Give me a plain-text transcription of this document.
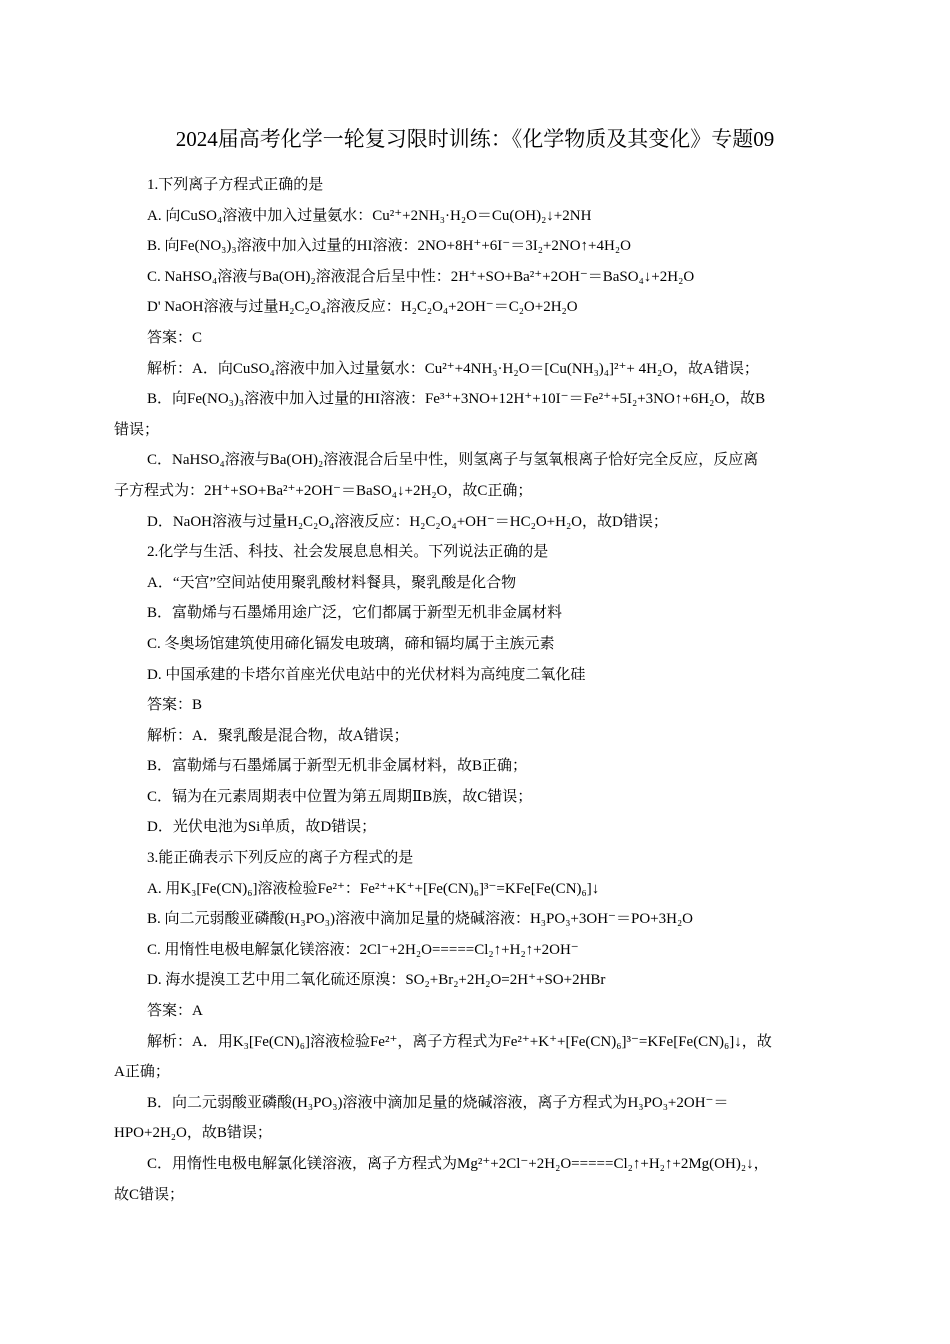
2024届高考化学一轮复习限时训练：《化学物质及其变化》专题09
1.下列离子方程式正确的是
A. 向CuSO₄溶液中加入过量氨水：Cu²⁺+2NH₃·H₂O＝Cu(OH)₂↓+2NH
B. 向Fe(NO₃)₃溶液中加入过量的HI溶液：2NO+8H⁺+6I⁻＝3I₂+2NO↑+4H₂O
C. NaHSO₄溶液与Ba(OH)₂溶液混合后呈中性：2H⁺+SO+Ba²⁺+2OH⁻＝BaSO₄↓+2H₂O
D' NaOH溶液与过量H₂C₂O₄溶液反应：H₂C₂O₄+2OH⁻＝C₂O+2H₂O
答案：C
解析：A．向CuSO₄溶液中加入过量氨水：Cu²⁺+4NH₃·H₂O＝[Cu(NH₃)₄]²⁺+ 4H₂O，故A错误；
B．向Fe(NO₃)₃溶液中加入过量的HI溶液：Fe³⁺+3NO+12H⁺+10I⁻＝Fe²⁺+5I₂+3NO↑+6H₂O，故B
错误；
C．NaHSO₄溶液与Ba(OH)₂溶液混合后呈中性，则氢离子与氢氧根离子恰好完全反应，反应离
子方程式为：2H⁺+SO+Ba²⁺+2OH⁻＝BaSO₄↓+2H₂O，故C正确；
D．NaOH溶液与过量H₂C₂O₄溶液反应：H₂C₂O₄+OH⁻＝HC₂O+H₂O，故D错误；
2.化学与生活、科技、社会发展息息相关。下列说法正确的是
A．“天宫”空间站使用聚乳酸材料餐具，聚乳酸是化合物
B．富勒烯与石墨烯用途广泛，它们都属于新型无机非金属材料
C. 冬奥场馆建筑使用碲化镉发电玻璃，碲和镉均属于主族元素
D. 中国承建的卡塔尔首座光伏电站中的光伏材料为高纯度二氧化硅
答案：B
解析：A．聚乳酸是混合物，故A错误；
B．富勒烯与石墨烯属于新型无机非金属材料，故B正确；
C．镉为在元素周期表中位置为第五周期ⅡB族，故C错误；
D．光伏电池为Si单质，故D错误；
3.能正确表示下列反应的离子方程式的是
A. 用K₃[Fe(CN)₆]溶液检验Fe²⁺：Fe²⁺+K⁺+[Fe(CN)₆]³⁻=KFe[Fe(CN)₆]↓
B. 向二元弱酸亚磷酸(H₃PO₃)溶液中滴加足量的烧碱溶液：H₃PO₃+3OH⁻＝PO+3H₂O
C. 用惰性电极电解氯化镁溶液：2Cl⁻+2H₂O=====Cl₂↑+H₂↑+2OH⁻
D. 海水提溴工艺中用二氧化硫还原溴：SO₂+Br₂+2H₂O=2H⁺+SO+2HBr
答案：A
解析：A．用K₃[Fe(CN)₆]溶液检验Fe²⁺，离子方程式为Fe²⁺+K⁺+[Fe(CN)₆]³⁻=KFe[Fe(CN)₆]↓，故
A正确；
B．向二元弱酸亚磷酸(H₃PO₃)溶液中滴加足量的烧碱溶液，离子方程式为H₃PO₃+2OH⁻＝
HPO+2H₂O，故B错误；
C．用惰性电极电解氯化镁溶液，离子方程式为Mg²⁺+2Cl⁻+2H₂O=====Cl₂↑+H₂↑+2Mg(OH)₂↓，
故C错误；
